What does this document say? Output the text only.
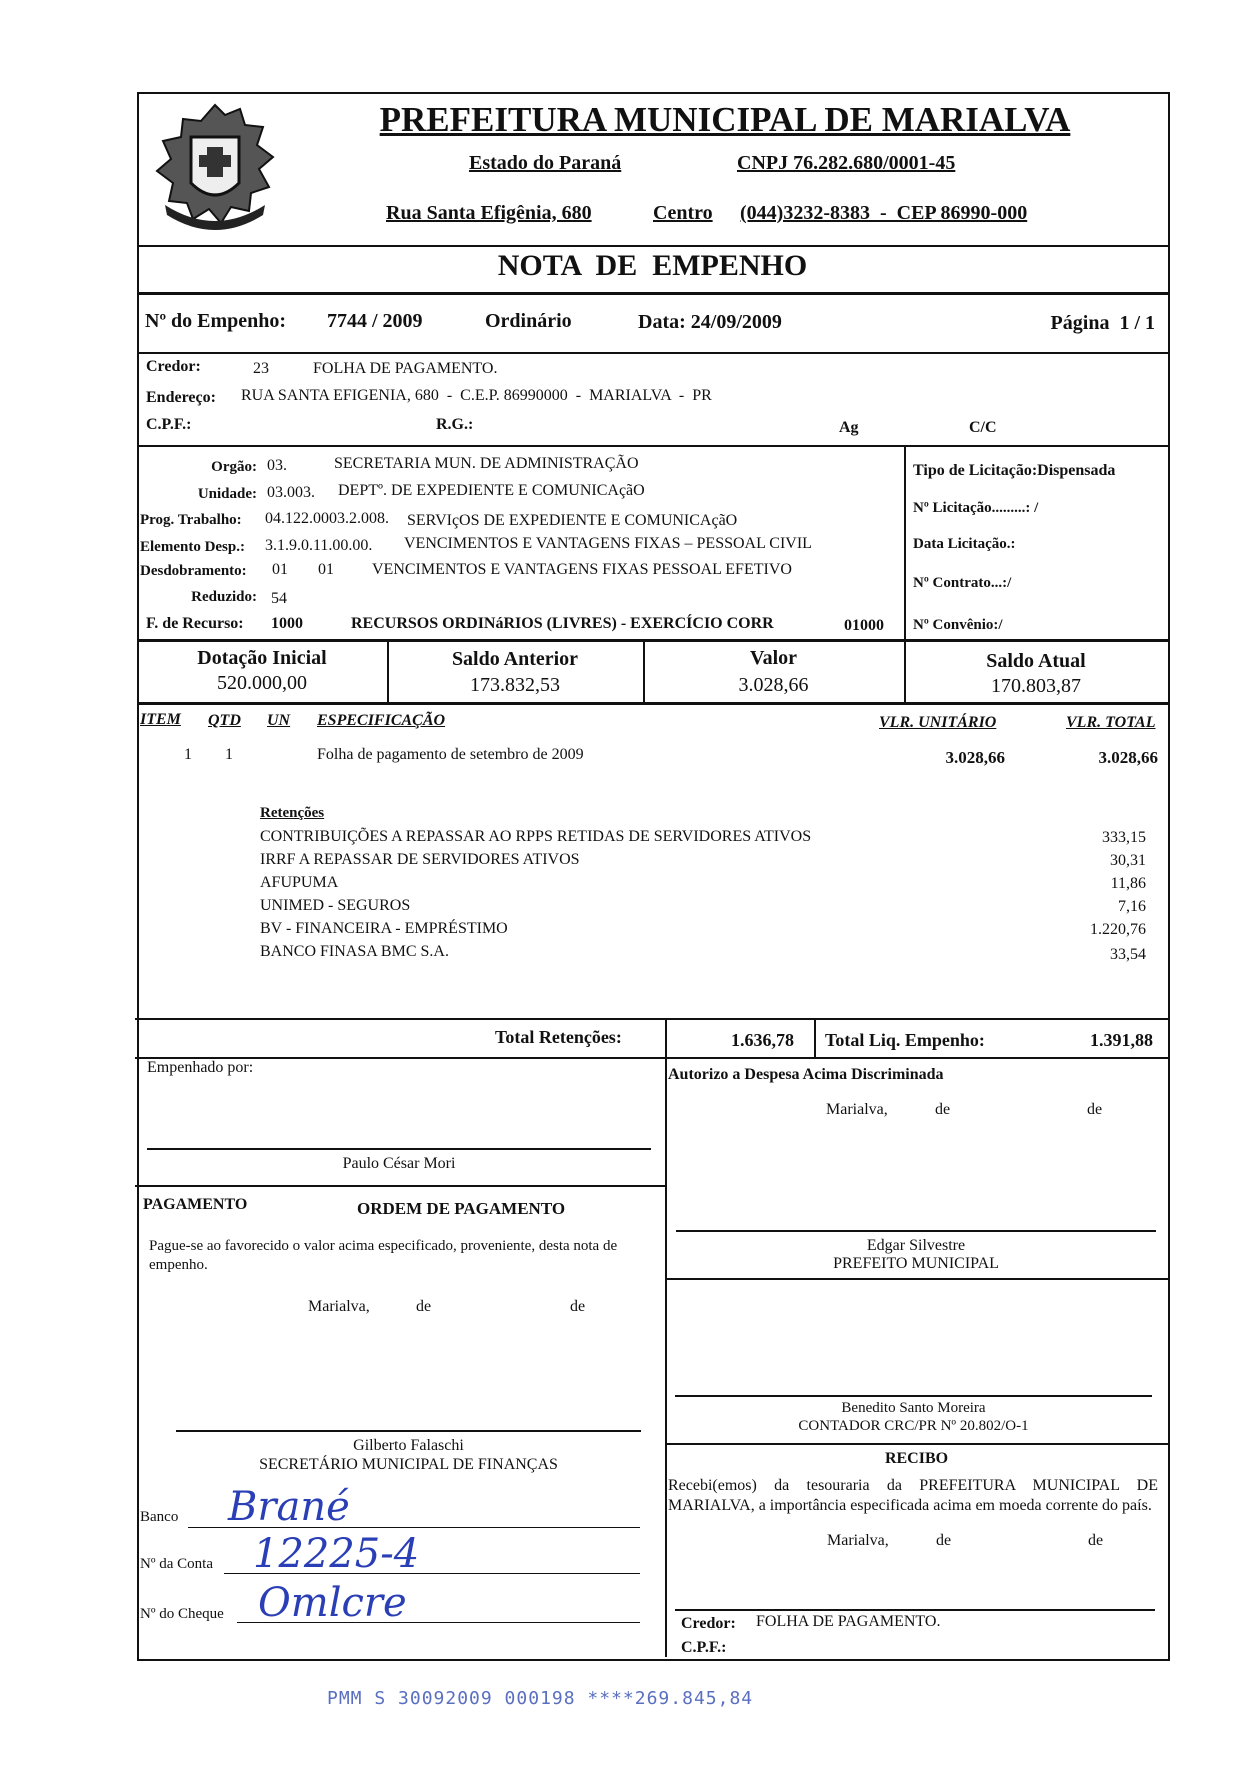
PREFEITURA MUNICIPAL DE MARIALVA
Estado do Paraná	CNPJ 76.282.680/0001-45
Rua Santa Efigênia, 680	Centro (044)3232-8383  -  CEP 86990-000
NOTA  DE  EMPENHO
Nº do Empenho: 7744 / 2009	Ordinário	Data: 24/09/2009	Página  1 / 1
Credor:	23	FOLHA DE PAGAMENTO.
Endereço: RUA SANTA EFIGENIA, 680  -  C.E.P. 86990000  -  MARIALVA  -  PR
C.P.F.:	R.G.:	Ag	C/C
Orgão: 03.	SECRETARIA MUN. DE ADMINISTRAÇÃO
Unidade: 03.003. DEPTº. DE EXPEDIENTE E COMUNICAçãO
Prog. Trabalho: 04.122.0003.2.008. SERVIçOS DE EXPEDIENTE E COMUNICAçãO
Elemento Desp.: 3.1.9.0.11.00.00. VENCIMENTOS E VANTAGENS FIXAS – PESSOAL CIVIL
Desdobramento: 01 01 VENCIMENTOS E VANTAGENS FIXAS PESSOAL EFETIVO
Reduzido: 54
F. de Recurso: 1000	RECURSOS ORDINáRIOS (LIVRES) - EXERCÍCIO CORR	01000
Tipo de Licitação:Dispensada
Nº Licitação.........: /
Data Licitação.:
Nº Contrato...:/
Nº Convênio:/
Dotação Inicial
520.000,00
Saldo Anterior
173.832,53
Valor
3.028,66
Saldo Atual
170.803,87
ITEM QTD UN ESPECIFICAÇÃO	VLR. UNITÁRIO	VLR. TOTAL
1 1	Folha de pagamento de setembro de 2009	3.028,66	3.028,66
Retenções
CONTRIBUIÇÕES A REPASSAR AO RPPS RETIDAS DE SERVIDORES ATIVOS	333,15
IRRF A REPASSAR DE SERVIDORES ATIVOS	30,31
AFUPUMA	11,86
UNIMED - SEGUROS	7,16
BV - FINANCEIRA - EMPRÉSTIMO	1.220,76
BANCO FINASA BMC S.A.	33,54
Total Retenções:	1.636,78 Total Liq. Empenho:	1.391,88
Empenhado por:
Paulo César Mori
Autorizo a Despesa Acima Discriminada
Marialva,	de	de
Edgar Silvestre
PREFEITO MUNICIPAL
PAGAMENTO	ORDEM DE PAGAMENTO
Pague-se ao favorecido o valor acima especificado, proveniente, desta nota de empenho.
Marialva,	de	de
Gilberto Falaschi
SECRETÁRIO MUNICIPAL DE FINANÇAS
Benedito Santo Moreira
CONTADOR CRC/PR Nº 20.802/O-1
RECIBO
Recebi(emos) da tesouraria da PREFEITURA MUNICIPAL DE MARIALVA, a importância especificada acima em moeda corrente do país.
Marialva,	de	de
Credor: FOLHA DE PAGAMENTO.
C.P.F.:
Banco Brané
Nº da Conta 12225-4
Nº do Cheque Omlcre
PMM S 30092009 000198 ****269.845,84
